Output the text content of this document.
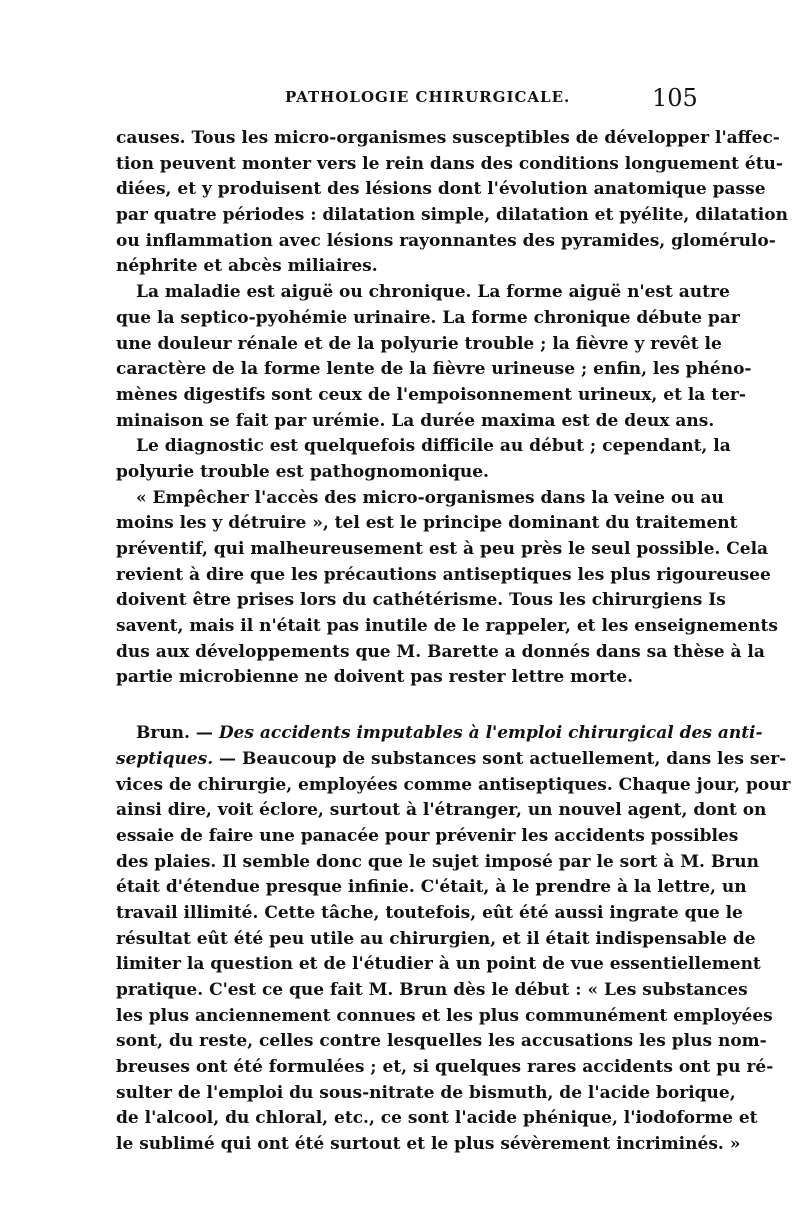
PATHOLOGIE CHIRURGICALE.	105
causes. Tous les micro-organismes susceptibles de développer l'affec-
tion peuvent monter vers le rein dans des conditions longuement étu-
diées, et y produisent des lésions dont l'évolution anatomique passe
par quatre périodes : dilatation simple, dilatation et pyélite, dilatation
ou inflammation avec lésions rayonnantes des pyramides, glomérulo-
néphrite et abcès miliaires.
La maladie est aiguë ou chronique. La forme aiguë n'est autre
que la septico-pyohémie urinaire. La forme chronique débute par
une douleur rénale et de la polyurie trouble ; la fièvre y revêt le
caractère de la forme lente de la fièvre urineuse ; enfin, les phéno-
mènes digestifs sont ceux de l'empoisonnement urineux, et la ter-
minaison se fait par urémie. La durée maxima est de deux ans.
Le diagnostic est quelquefois difficile au début ; cependant, la
polyurie trouble est pathognomonique.
« Empêcher l'accès des micro-organismes dans la veine ou au
moins les y détruire », tel est le principe dominant du traitement
préventif, qui malheureusement est à peu près le seul possible. Cela
revient à dire que les précautions antiseptiques les plus rigoureusee
doivent être prises lors du cathétérisme. Tous les chirurgiens Is
savent, mais il n'était pas inutile de le rappeler, et les enseignements
dus aux développements que M. Barette a donnés dans sa thèse à la
partie microbienne ne doivent pas rester lettre morte.
Brun. — Des accidents imputables à l'emploi chirurgical des anti-
septiques. — Beaucoup de substances sont actuellement, dans les ser-
vices de chirurgie, employées comme antiseptiques. Chaque jour, pour
ainsi dire, voit éclore, surtout à l'étranger, un nouvel agent, dont on
essaie de faire une panacée pour prévenir les accidents possibles
des plaies. Il semble donc que le sujet imposé par le sort à M. Brun
était d'étendue presque infinie. C'était, à le prendre à la lettre, un
travail illimité. Cette tâche, toutefois, eût été aussi ingrate que le
résultat eût été peu utile au chirurgien, et il était indispensable de
limiter la question et de l'étudier à un point de vue essentiellement
pratique. C'est ce que fait M. Brun dès le début : « Les substances
les plus anciennement connues et les plus communément employées
sont, du reste, celles contre lesquelles les accusations les plus nom-
breuses ont été formulées ; et, si quelques rares accidents ont pu ré-
sulter de l'emploi du sous-nitrate de bismuth, de l'acide borique,
de l'alcool, du chloral, etc., ce sont l'acide phénique, l'iodoforme et
le sublimé qui ont été surtout et le plus sévèrement incriminés. »
